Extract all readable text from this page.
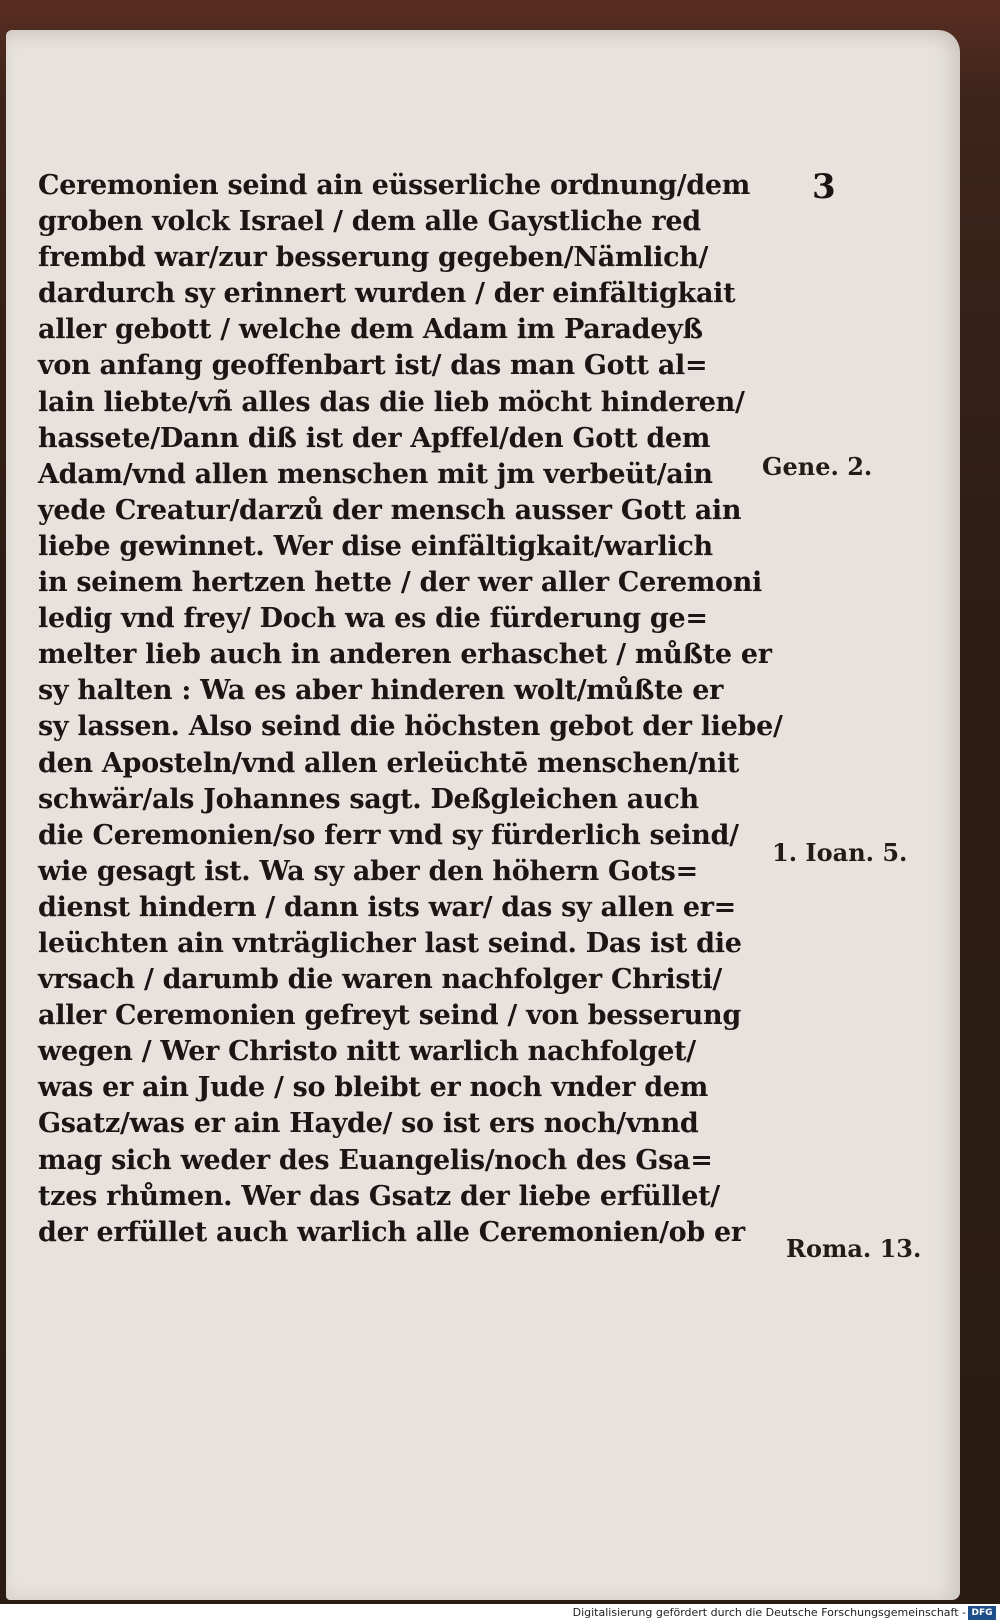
3
Ceremonien seind ain eüsserliche ordnung/dem
groben volck Israel / dem alle Gaystliche red
frembd war/zur besserung gegeben/Nämlich/
dardurch sy erinnert wurden / der einfältigkait
aller gebott / welche dem Adam im Paradeyß
von anfang geoffenbart ist/ das man Gott al=
lain liebte/vñ alles das die lieb möcht hinderen/
hassete/Dann diß ist der Apffel/den Gott dem
Adam/vnd allen menschen mit jm verbeüt/ain
yede Creatur/darzů der mensch ausser Gott ain
liebe gewinnet. Wer dise einfältigkait/warlich
in seinem hertzen hette / der wer aller Ceremoni
ledig vnd frey/ Doch wa es die fürderung ge=
melter lieb auch in anderen erhaschet / můßte er
sy halten : Wa es aber hinderen wolt/můßte er
sy lassen. Also seind die höchsten gebot der liebe/
den Aposteln/vnd allen erleüchtē menschen/nit
schwär/als Johannes sagt. Deßgleichen auch
die Ceremonien/so ferr vnd sy fürderlich seind/
wie gesagt ist. Wa sy aber den höhern Gots=
dienst hindern / dann ists war/ das sy allen er=
leüchten ain vnträglicher last seind. Das ist die
vrsach / darumb die waren nachfolger Christi/
aller Ceremonien gefreyt seind / von besserung
wegen / Wer Christo nitt warlich nachfolget/
was er ain Jude / so bleibt er noch vnder dem
Gsatz/was er ain Hayde/ so ist ers noch/vnnd
mag sich weder des Euangelis/noch des Gsa=
tzes rhůmen. Wer das Gsatz der liebe erfüllet/
der erfüllet auch warlich alle Ceremonien/ob er
Gene. 2.
1. Ioan. 5.
Roma. 13.
Digitalisierung gefördert durch die Deutsche Forschungsgemeinschaft - DFG
